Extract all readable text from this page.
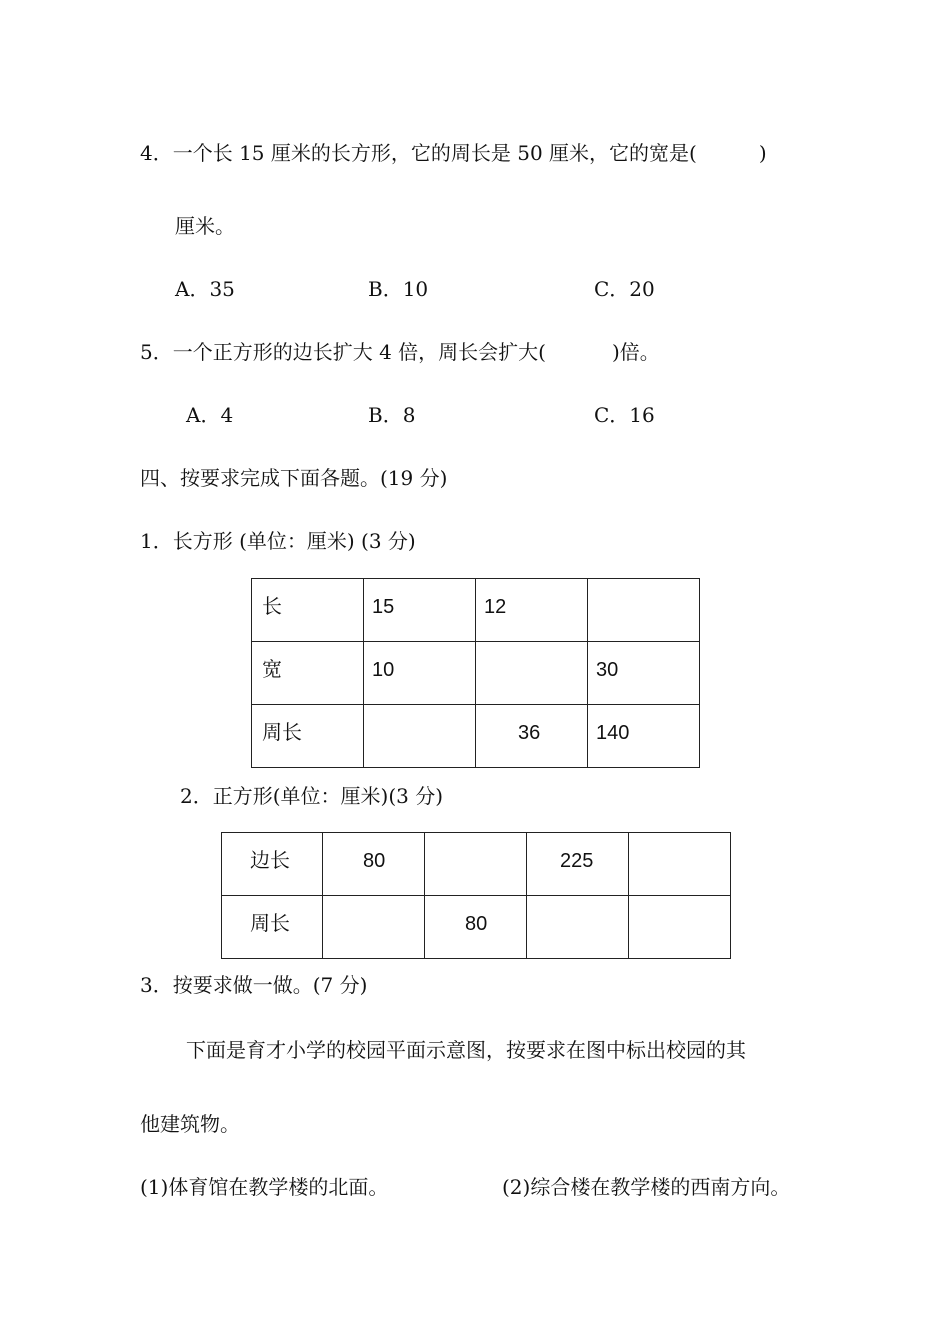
4．一个长 15 厘米的长方形，它的周长是 50 厘米，它的宽是(	)
厘米。
A．35	B．10	C．20
5．一个正方形的边长扩大 4 倍，周长会扩大(	)倍。
A．4	B．8	C．16
四、按要求完成下面各题。(19 分)
1．长方形 (单位：厘米) (3 分)
长	15	12	

宽	10		30

周长		36	140
2．正方形(单位：厘米)(3 分)
边长	80		225	

周长		80		

3．按要求做一做。(7 分)
下面是育才小学的校园平面示意图，按要求在图中标出校园的其
他建筑物。
(1)体育馆在教学楼的北面。	(2)综合楼在教学楼的西南方向。
